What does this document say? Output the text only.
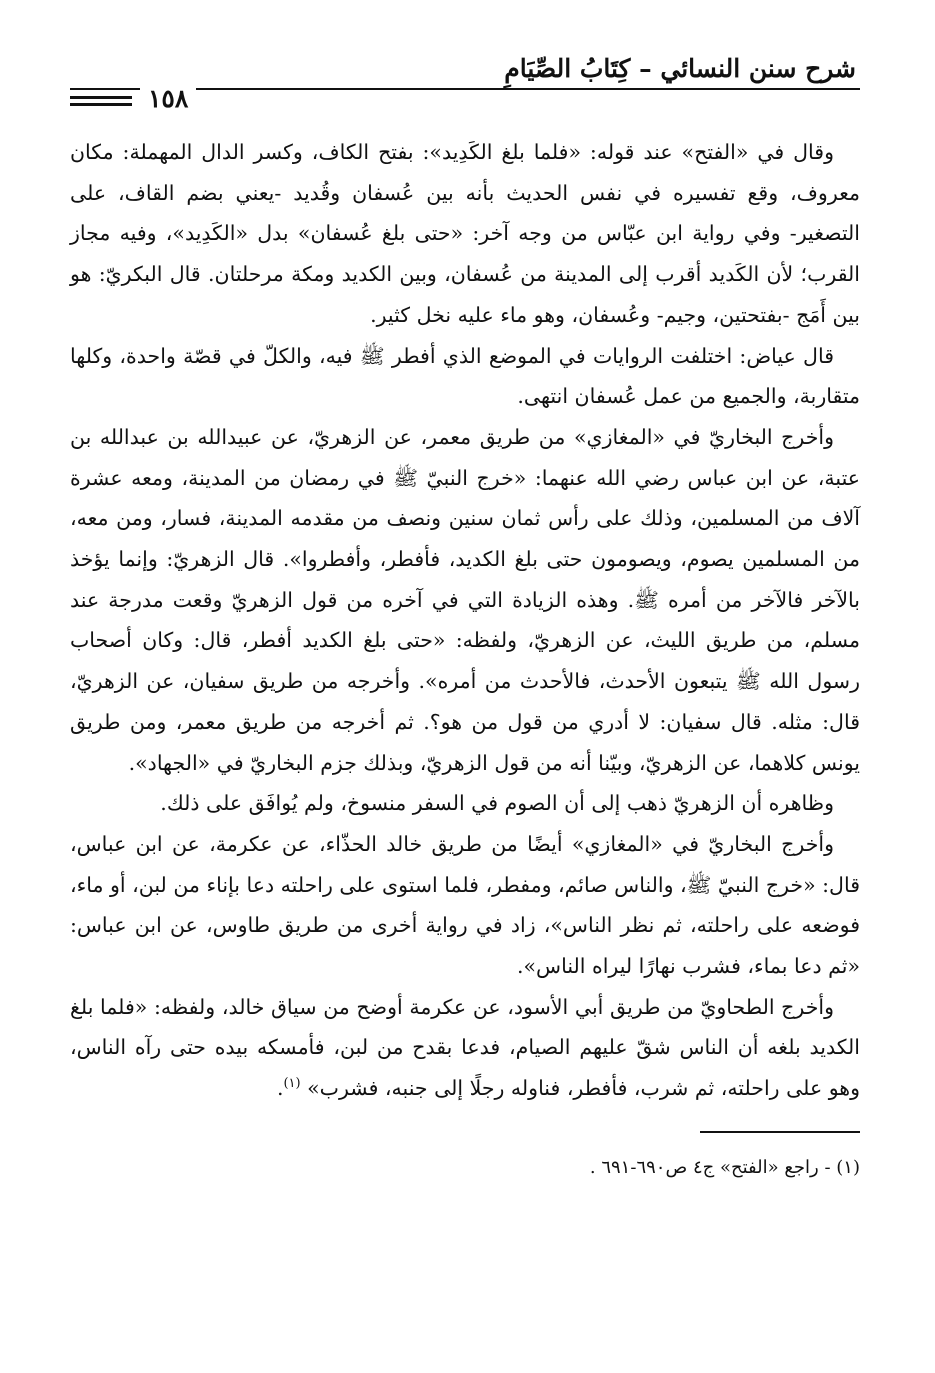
شرح سنن النسائي – كِتَابُ الصِّيَامِ
١٥٨

وقال في «الفتح» عند قوله: «فلما بلغ الكَدِيد»: بفتح الكاف، وكسر الدال المهملة: مكان معروف، وقع تفسيره في نفس الحديث بأنه بين عُسفان وقُديد -يعني بضم القاف، على التصغير- وفي رواية ابن عبّاس من وجه آخر: «حتى بلغ عُسفان» بدل «الكَدِيد»، وفيه مجاز القرب؛ لأن الكَديد أقرب إلى المدينة من عُسفان، وبين الكديد ومكة مرحلتان. قال البكريّ: هو بين أَمَج -بفتحتين، وجيم- وعُسفان، وهو ماء عليه نخل كثير.

قال عياض: اختلفت الروايات في الموضع الذي أفطر ﷺ فيه، والكلّ في قصّة واحدة، وكلها متقاربة، والجميع من عمل عُسفان انتهى.

وأخرج البخاريّ في «المغازي» من طريق معمر، عن الزهريّ، عن عبيدالله بن عبدالله بن عتبة، عن ابن عباس رضي الله عنهما: «خرج النبيّ ﷺ في رمضان من المدينة، ومعه عشرة آلاف من المسلمين، وذلك على رأس ثمان سنين ونصف من مقدمه المدينة، فسار، ومن معه، من المسلمين يصوم، ويصومون حتى بلغ الكديد، فأفطر، وأفطروا». قال الزهريّ: وإنما يؤخذ بالآخر فالآخر من أمره ﷺ. وهذه الزيادة التي في آخره من قول الزهريّ وقعت مدرجة عند مسلم، من طريق الليث، عن الزهريّ، ولفظه: «حتى بلغ الكديد أفطر، قال: وكان أصحاب رسول الله ﷺ يتبعون الأحدث، فالأحدث من أمره». وأخرجه من طريق سفيان، عن الزهريّ، قال: مثله. قال سفيان: لا أدري من قول من هو؟. ثم أخرجه من طريق معمر، ومن طريق يونس كلاهما، عن الزهريّ، وبيّنا أنه من قول الزهريّ، وبذلك جزم البخاريّ في «الجهاد».

وظاهره أن الزهريّ ذهب إلى أن الصوم في السفر منسوخ، ولم يُوافَق على ذلك.

وأخرج البخاريّ في «المغازي» أيضًا من طريق خالد الحذّاء، عن عكرمة، عن ابن عباس، قال: «خرج النبيّ ﷺ، والناس صائم، ومفطر، فلما استوى على راحلته دعا بإناء من لبن، أو ماء، فوضعه على راحلته، ثم نظر الناس»، زاد في رواية أخرى من طريق طاوس، عن ابن عباس: «ثم دعا بماء، فشرب نهارًا ليراه الناس».

وأخرج الطحاويّ من طريق أبي الأسود، عن عكرمة أوضح من سياق خالد، ولفظه: «فلما بلغ الكديد بلغه أن الناس شقّ عليهم الصيام، فدعا بقدح من لبن، فأمسكه بيده حتى رآه الناس، وهو على راحلته، ثم شرب، فأفطر، فناوله رجلًا إلى جنبه، فشرب» $^{(١)}$.

(١) - راجع «الفتح» ج٤ ص٦٩٠-٦٩١ .
